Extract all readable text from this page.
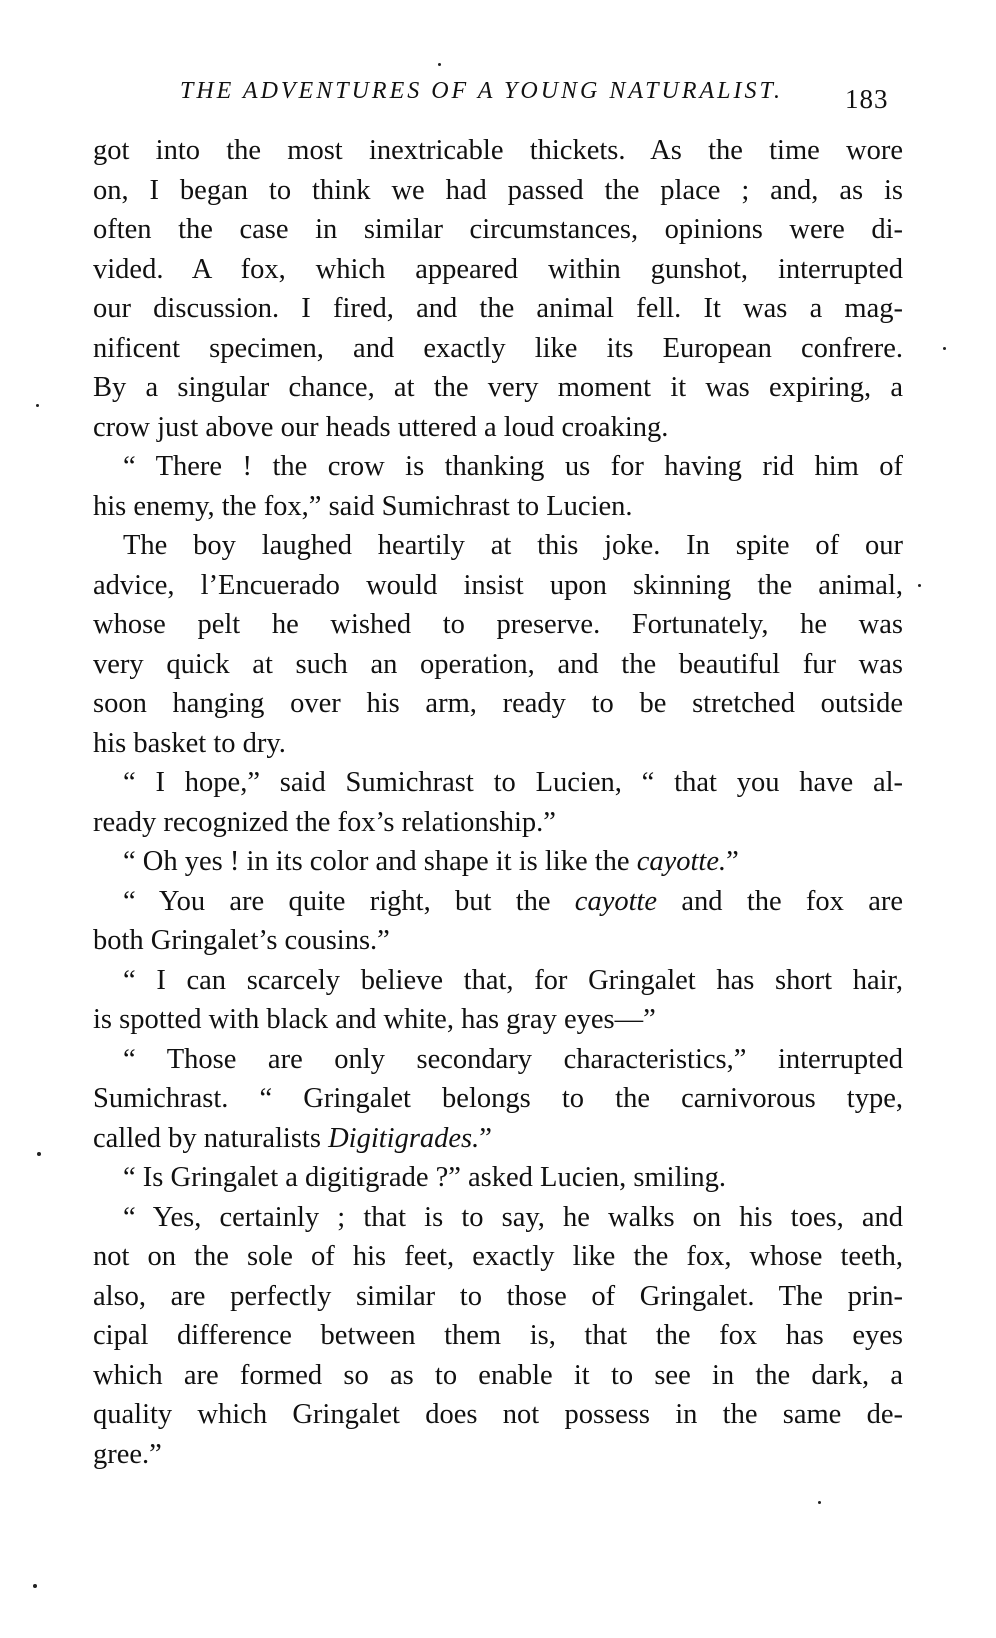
THE ADVENTURES OF A YOUNG NATURALIST. 183
got into the most inextricable thickets. As the time wore
on, I began to think we had passed the place ; and, as is
often the case in similar circumstances, opinions were di-
vided. A fox, which appeared within gunshot, interrupted
our discussion. I fired, and the animal fell. It was a mag-
nificent specimen, and exactly like its European confrere.
By a singular chance, at the very moment it was expiring, a
crow just above our heads uttered a loud croaking.
“ There ! the crow is thanking us for having rid him of
his enemy, the fox,” said Sumichrast to Lucien.
The boy laughed heartily at this joke. In spite of our
advice, l’Encuerado would insist upon skinning the animal,
whose pelt he wished to preserve. Fortunately, he was
very quick at such an operation, and the beautiful fur was
soon hanging over his arm, ready to be stretched outside
his basket to dry.
“ I hope,” said Sumichrast to Lucien, “ that you have al-
ready recognized the fox’s relationship.”
“ Oh yes ! in its color and shape it is like the cayotte.”
“ You are quite right, but the cayotte and the fox are
both Gringalet’s cousins.”
“ I can scarcely believe that, for Gringalet has short hair,
is spotted with black and white, has gray eyes—”
“ Those are only secondary characteristics,” interrupted
Sumichrast. “ Gringalet belongs to the carnivorous type,
called by naturalists Digitigrades.”
“ Is Gringalet a digitigrade ?” asked Lucien, smiling.
“ Yes, certainly ; that is to say, he walks on his toes, and
not on the sole of his feet, exactly like the fox, whose teeth,
also, are perfectly similar to those of Gringalet. The prin-
cipal difference between them is, that the fox has eyes
which are formed so as to enable it to see in the dark, a
quality which Gringalet does not possess in the same de-
gree.”
